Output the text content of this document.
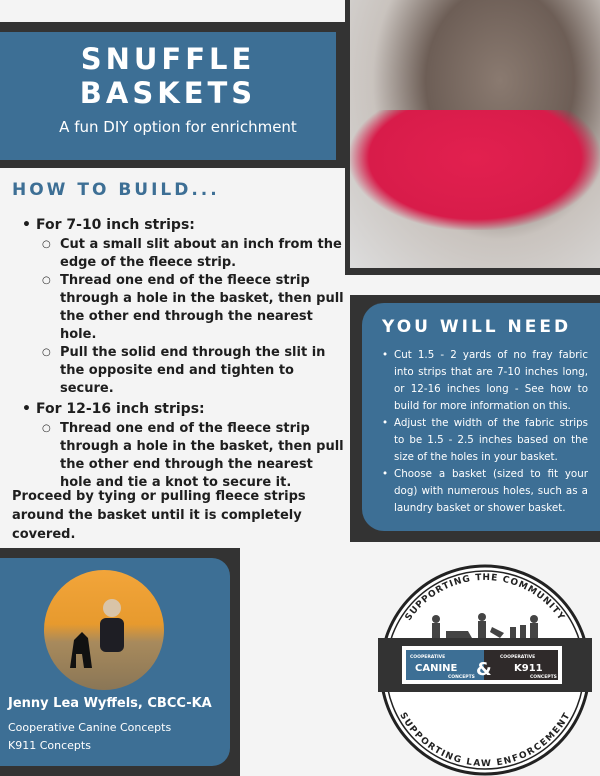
SNUFFLE
BASKETS

A fun DIY option for enrichment

HOW TO BUILD...
• For 7-10 inch strips:
○ Cut a small slit about an inch from the edge of the fleece strip.
○ Thread one end of the fleece strip through a hole in the basket, then pull the other end through the nearest hole.
○ Pull the solid end through the slit in the opposite end and tighten to secure.
• For 12-16 inch strips:
○ Thread one end of the fleece strip through a hole in the basket, then pull the other end through the nearest hole and tie a knot to secure it.

Proceed by tying or pulling fleece strips around the basket until it is completely covered.

YOU WILL NEED
• Cut 1.5 - 2 yards of no fray fabric into strips that are 7-10 inches long, or 12-16 inches long - See how to build for more information on this.
• Adjust the width of the fabric strips to be 1.5 - 2.5 inches based on the size of the holes in your basket.
• Choose a basket (sized to fit your dog) with numerous holes, such as a laundry basket or shower basket.
Jenny Lea Wyffels, CBCC-KA
Cooperative Canine Concepts
K911 Concepts
COOPERATIVE
CANINE
CONCEPTS &
COOPERATIVE
K911
CONCEPTS
SUPPORTING THE COMMUNITY
SUPPORTING LAW ENFORCEMENT
